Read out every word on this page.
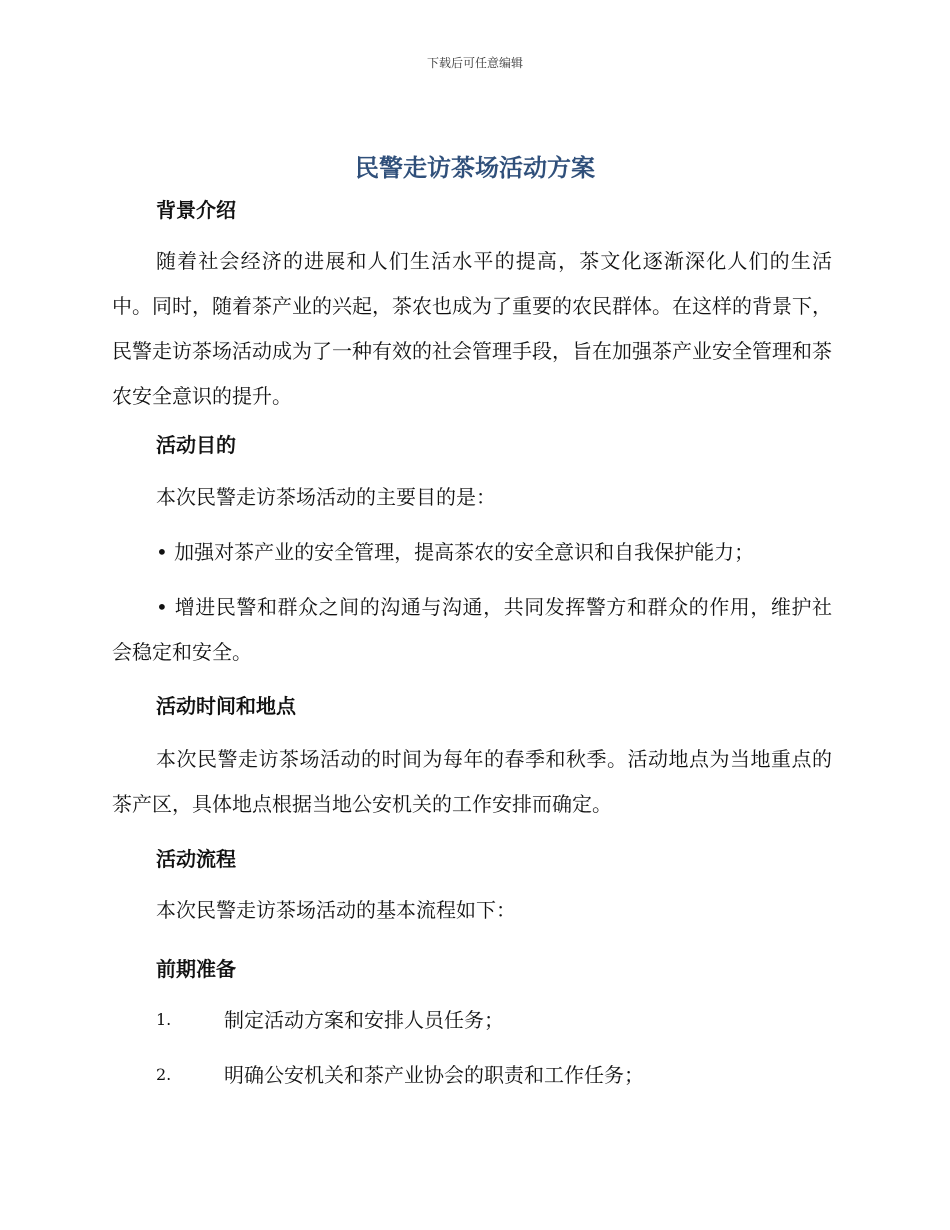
下载后可任意编辑
民警走访茶场活动方案
背景介绍

随着社会经济的进展和人们生活水平的提高，茶文化逐渐深化人们的生活中。同时，随着茶产业的兴起，茶农也成为了重要的农民群体。在这样的背景下，民警走访茶场活动成为了一种有效的社会管理手段，旨在加强茶产业安全管理和茶农安全意识的提升。

活动目的

本次民警走访茶场活动的主要目的是：

• 加强对茶产业的安全管理，提高茶农的安全意识和自我保护能力；

• 增进民警和群众之间的沟通与沟通，共同发挥警方和群众的作用，维护社会稳定和安全。

活动时间和地点

本次民警走访茶场活动的时间为每年的春季和秋季。活动地点为当地重点的茶产区，具体地点根据当地公安机关的工作安排而确定。

活动流程

本次民警走访茶场活动的基本流程如下：

前期准备
1.	制定活动方案和安排人员任务；
2.	明确公安机关和茶产业协会的职责和工作任务；
